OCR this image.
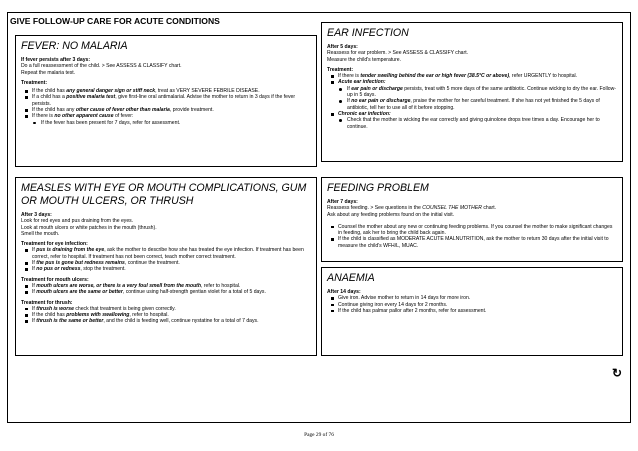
GIVE FOLLOW-UP CARE FOR ACUTE CONDITIONS
FEVER: NO MALARIA

If fever persists after 3 days:

Do a full reassessment of the child. > See ASSESS & CLASSIFY chart.

Repeat the malaria test.

Treatment:

If the child has any general danger sign or stiff neck, treat as VERY SEVERE FEBRILE DISEASE.
If a child has a positive malaria test, give first-line oral antimalarial. Advise the mother to return in 3 days if the fever persists.
If the child has any other cause of fever other than malaria, provide treatment.
If there is no other apparent cause of fever:
If the fever has been present for 7 days, refer for assessment.
MEASLES WITH EYE OR MOUTH COMPLICATIONS, GUM OR MOUTH ULCERS, OR THRUSH

After 3 days:

Look for red eyes and pus draining from the eyes.

Look at mouth ulcers or white patches in the mouth (thrush).

Smell the mouth.

Treatment for eye infection:

If pus is draining from the eye, ask the mother to describe how she has treated the eye infection. If treatment has been correct, refer to hospital. If treatment has not been correct, teach mother correct treatment.
If the pus is gone but redness remains, continue the treatment.
If no pus or redness, stop the treatment.

Treatment for mouth ulcers:

If mouth ulcers are worse, or there is a very foul smell from the mouth, refer to hospital.
If mouth ulcers are the same or better, continue using half-strength gentian violet for a total of 5 days.

Treatment for thrush:

If thrush is worse check that treatment is being given correctly.
If the child has problems with swallowing, refer to hospital.
If thrush is the same or better, and the child is feeding well, continue nystatine for a total of 7 days.
EAR INFECTION

After 5 days:

Reassess for ear problem. > See ASSESS & CLASSIFY chart.

Measure the child's temperature.

Treatment:

If there is tender swelling behind the ear or high fever (38.5°C or above), refer URGENTLY to hospital.
Acute ear infection:
If ear pain or discharge persists, treat with 5 more days of the same antibiotic. Continue wicking to dry the ear. Follow-up in 5 days.
If no ear pain or discharge, praise the mother for her careful treatment. If she has not yet finished the 5 days of antibiotic, tell her to use all of it before stopping.
Chronic ear infection:
Check that the mother is wicking the ear correctly and giving quinolone drops tree times a day. Encourage her to continue.
FEEDING PROBLEM

After 7 days:

Reassess feeding. > See questions in the COUNSEL THE MOTHER chart.

Ask about any feeding problems found on the initial visit.

Counsel the mother about any new or continuing feeding problems. If you counsel the mother to make significant changes in feeding, ask her to bring the child back again.
If the child is classified as MODERATE ACUTE MALNUTRITION, ask the mother to return 30 days after the initial visit to measure the child's WFH/L, MUAC.
ANAEMIA

After 14 days:

Give iron. Advise mother to return in 14 days for more iron.
Continue giving iron every 14 days for 2 months.
If the child has palmar pallor after 2 months, refer for assessment.
↻
Page 29 of 76
